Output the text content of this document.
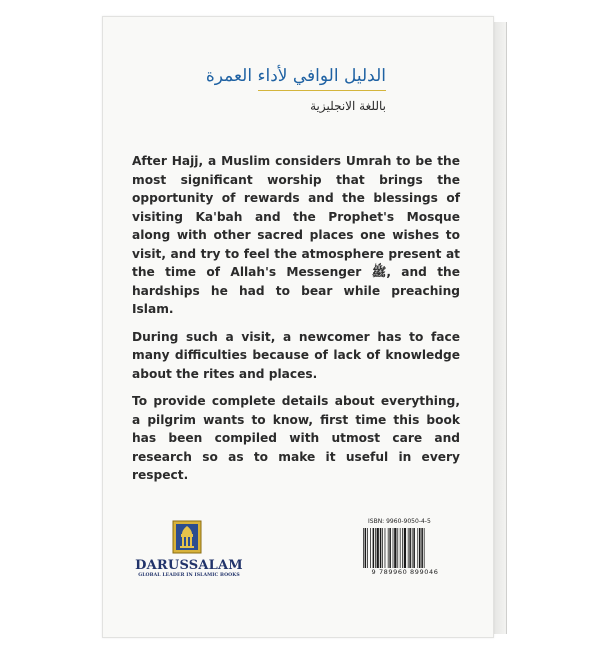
الدليل الوافي لأداء العمرة
باللغة الانجليزية

After Hajj, a Muslim considers Umrah to be the most significant worship that brings the opportunity of rewards and the blessings of visiting Ka'bah and the Prophet's Mosque along with other sacred places one wishes to visit, and try to feel the atmosphere present at the time of Allah's Messenger ﷺ, and the hardships he had to bear while preaching Islam.

During such a visit, a newcomer has to face many difficulties because of lack of knowledge about the rites and places.

To provide complete details about everything, a pilgrim wants to know, first time this book has been compiled with utmost care and research so as to make it useful in every respect.

DARUSSALAM
GLOBAL LEADER IN ISLAMIC BOOKS
ISBN: 9960-9050-4-5
9 789960 899046
